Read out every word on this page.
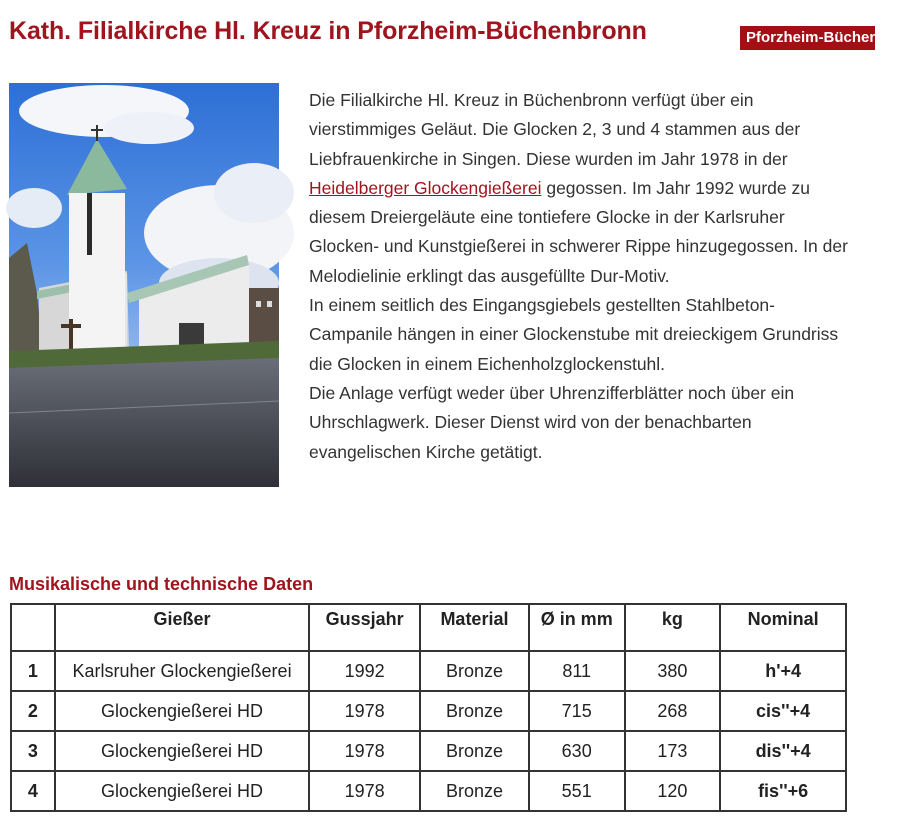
Kath. Filialkirche Hl. Kreuz in Pforzheim-Büchenbronn	Pforzheim-Büchenbronn

Die Filialkirche Hl. Kreuz in Büchenbronn verfügt über ein vierstimmiges Geläut. Die Glocken 2, 3 und 4 stammen aus der Liebfrauenkirche in Singen. Diese wurden im Jahr 1978 in der Heidelberger Glockengießerei gegossen. Im Jahr 1992 wurde zu diesem Dreiergeläute eine tontiefere Glocke in der Karlsruher Glocken- und Kunstgießerei in schwerer Rippe hinzugegossen. In der Melodielinie erklingt das ausgefüllte Dur-Motiv.

In einem seitlich des Eingangsgiebels gestellten Stahlbeton-Campanile hängen in einer Glockenstube mit dreieckigem Grundriss die Glocken in einem Eichenholzglockenstuhl.

Die Anlage verfügt weder über Uhrenzifferblätter noch über ein Uhrschlagwerk. Dieser Dienst wird von der benachbarten evangelischen Kirche getätigt.

Musikalische und technische Daten
	Gießer	Gussjahr	Material	Ø in mm	kg	Nominal
1	Karlsruher Glockengießerei	1992	Bronze	811	380	h'+4
2	Glockengießerei HD	1978	Bronze	715	268	cis''+4
3	Glockengießerei HD	1978	Bronze	630	173	dis''+4
4	Glockengießerei HD	1978	Bronze	551	120	fis''+6
